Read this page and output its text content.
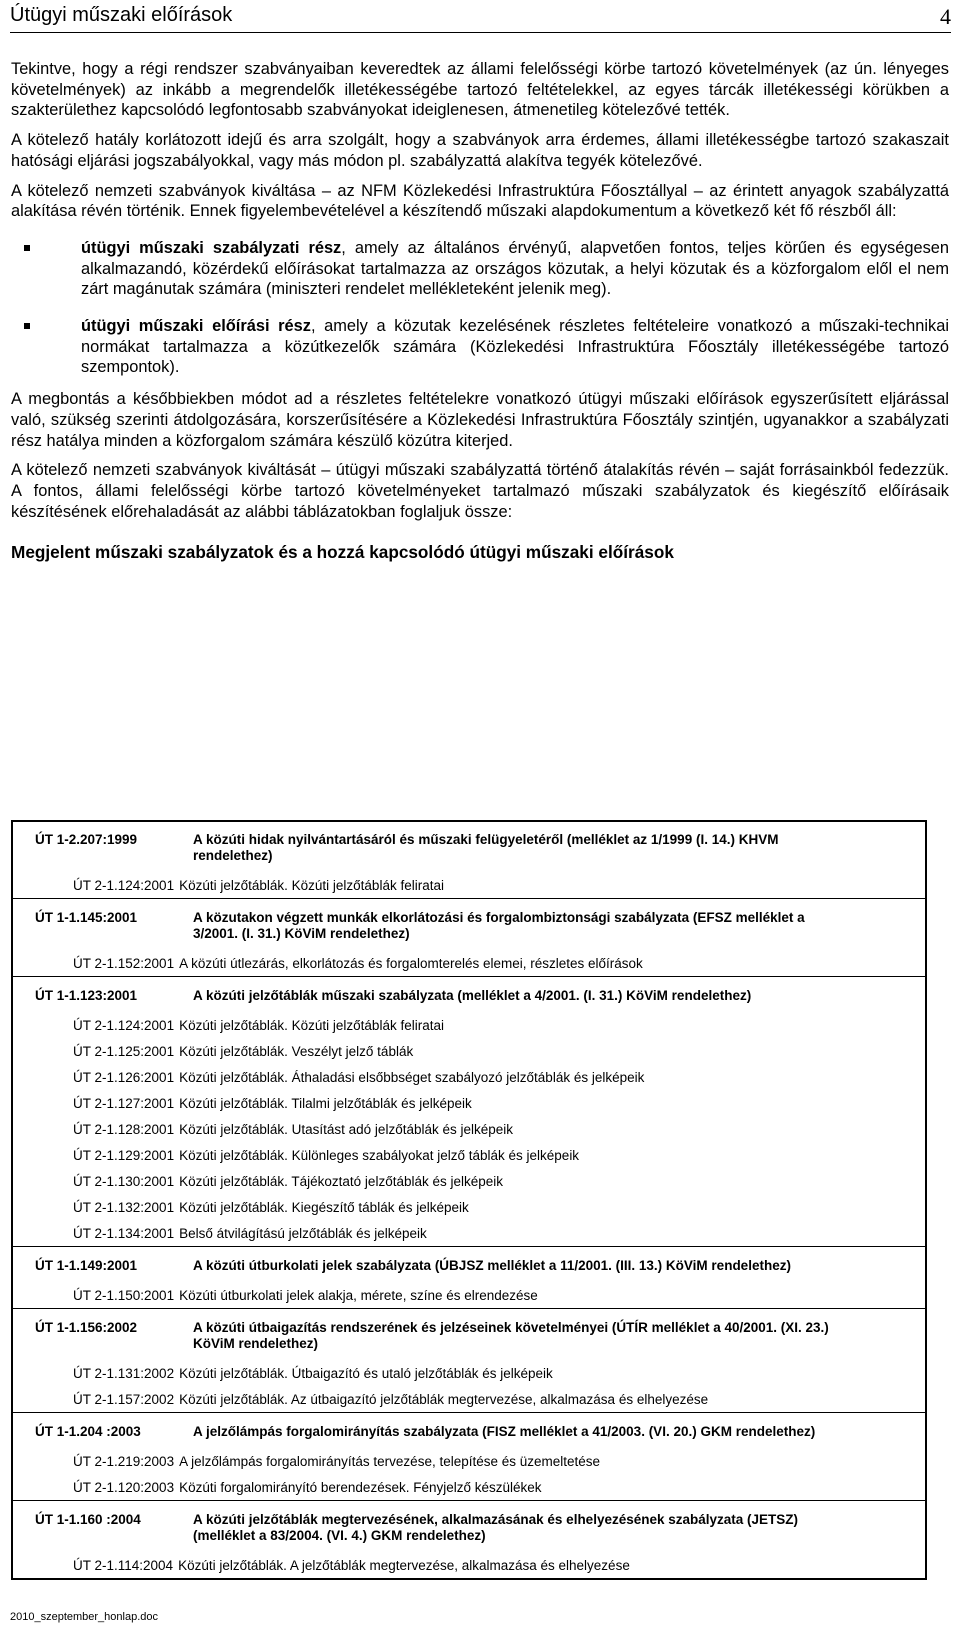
Útügyi műszaki előírások	4

Tekintve, hogy a régi rendszer szabványaiban keveredtek az állami felelősségi körbe tartozó követelmények (az ún. lényeges követelmények) az inkább a megrendelők illetékességébe tartozó feltételekkel, az egyes tárcák illetékességi körükben a szakterülethez kapcsolódó legfontosabb szabványokat ideiglenesen, átmenetileg kötelezővé tették.

A kötelező hatály korlátozott idejű és arra szolgált, hogy a szabványok arra érdemes, állami illetékességbe tartozó szakaszait hatósági eljárási jogszabályokkal, vagy más módon pl. szabályzattá alakítva tegyék kötelezővé.

A kötelező nemzeti szabványok kiváltása – az NFM Közlekedési Infrastruktúra Főosztállyal – az érintett anyagok szabályzattá alakítása révén történik. Ennek figyelembevételével a készítendő műszaki alapdokumentum a következő két fő részből áll:

útügyi műszaki szabályzati rész, amely az általános érvényű, alapvetően fontos, teljes körűen és egységesen alkalmazandó, közérdekű előírásokat tartalmazza az országos közutak, a helyi közutak és a közforgalom elől el nem zárt magánutak számára (miniszteri rendelet mellékleteként jelenik meg).
útügyi műszaki előírási rész, amely a közutak kezelésének részletes feltételeire vonatkozó a műszaki-technikai normákat tartalmazza a közútkezelők számára (Közlekedési Infrastruktúra Főosztály illetékességébe tartozó szempontok).

A megbontás a későbbiekben módot ad a részletes feltételekre vonatkozó útügyi műszaki előírások egyszerűsített eljárással való, szükség szerinti átdolgozására, korszerűsítésére a Közlekedési Infrastruktúra Főosztály szintjén, ugyanakkor a szabályzati rész hatálya minden a közforgalom számára készülő közútra kiterjed.

A kötelező nemzeti szabványok kiváltását – útügyi műszaki szabályzattá történő átalakítás révén – saját forrásainkból fedezzük. A fontos, állami felelősségi körbe tartozó követelményeket tartalmazó műszaki szabályzatok és kiegészítő előírásaik készítésének előrehaladását az alábbi táblázatokban foglaljuk össze:

Megjelent műszaki szabályzatok és a hozzá kapcsolódó útügyi műszaki előírások
ÚT 1-2.207:1999	A közúti hidak nyilvántartásáról és műszaki felügyeletéről (melléklet az 1/1999 (I. 14.) KHVM rendelethez)
ÚT 2-1.124:2001 Közúti jelzőtáblák. Közúti jelzőtáblák feliratai
ÚT 1-1.145:2001	A közutakon végzett munkák elkorlátozási és forgalombiztonsági szabályzata (EFSZ melléklet a 3/2001. (I. 31.) KöViM rendelethez)
ÚT 2-1.152:2001 A közúti útlezárás, elkorlátozás és forgalomterelés elemei, részletes előírások
ÚT 1-1.123:2001	A közúti jelzőtáblák műszaki szabályzata (melléklet a 4/2001. (I. 31.) KöViM rendelethez)
ÚT 2-1.124:2001 Közúti jelzőtáblák. Közúti jelzőtáblák feliratai
ÚT 2-1.125:2001 Közúti jelzőtáblák. Veszélyt jelző táblák
ÚT 2-1.126:2001 Közúti jelzőtáblák. Áthaladási elsőbbséget szabályozó jelzőtáblák és jelképeik
ÚT 2-1.127:2001 Közúti jelzőtáblák. Tilalmi jelzőtáblák és jelképeik
ÚT 2-1.128:2001 Közúti jelzőtáblák. Utasítást adó jelzőtáblák és jelképeik
ÚT 2-1.129:2001 Közúti jelzőtáblák. Különleges szabályokat jelző táblák és jelképeik
ÚT 2-1.130:2001 Közúti jelzőtáblák. Tájékoztató jelzőtáblák és jelképeik
ÚT 2-1.132:2001 Közúti jelzőtáblák. Kiegészítő táblák és jelképeik
ÚT 2-1.134:2001 Belső átvilágítású jelzőtáblák és jelképeik
ÚT 1-1.149:2001	A közúti útburkolati jelek szabályzata (ÚBJSZ melléklet a 11/2001. (III. 13.) KöViM rendelethez)
ÚT 2-1.150:2001 Közúti útburkolati jelek alakja, mérete, színe és elrendezése
ÚT 1-1.156:2002	A közúti útbaigazítás rendszerének és jelzéseinek követelményei (ÚTÍR melléklet a 40/2001. (XI. 23.) KöViM rendelethez)
ÚT 2-1.131:2002 Közúti jelzőtáblák. Útbaigazító és utaló jelzőtáblák és jelképeik
ÚT 2-1.157:2002 Közúti jelzőtáblák. Az útbaigazító jelzőtáblák megtervezése, alkalmazása és elhelyezése
ÚT 1-1.204 :2003	A jelzőlámpás forgalomirányítás szabályzata (FISZ melléklet a 41/2003. (VI. 20.) GKM rendelethez)
ÚT 2-1.219:2003 A jelzőlámpás forgalomirányítás tervezése, telepítése és üzemeltetése
ÚT 2-1.120:2003 Közúti forgalomirányító berendezések. Fényjelző készülékek
ÚT 1-1.160 :2004	A közúti jelzőtáblák megtervezésének, alkalmazásának és elhelyezésének szabályzata (JETSZ) (melléklet a 83/2004. (VI. 4.) GKM rendelethez)
ÚT 2-1.114:2004 Közúti jelzőtáblák. A jelzőtáblák megtervezése, alkalmazása és elhelyezése
2010_szeptember_honlap.doc
